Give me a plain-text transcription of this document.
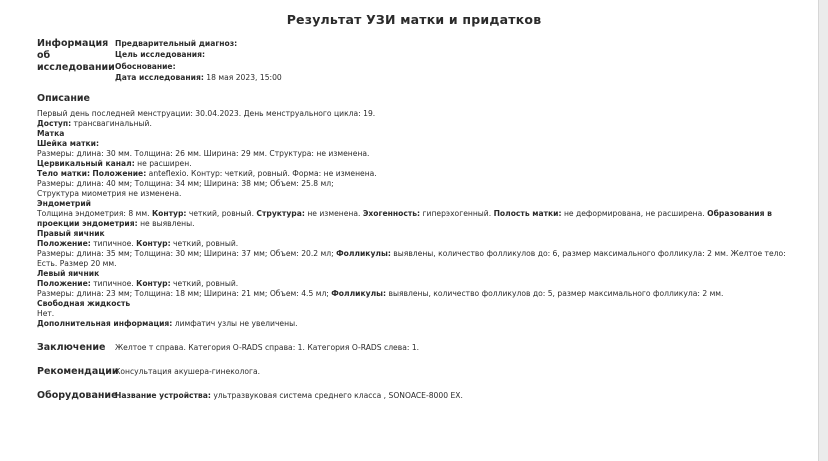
Результат УЗИ матки и придатков
Информация об исследовании
Предварительный диагноз:
Цель исследования:
Обоснование:
Дата исследования: 18 мая 2023, 15:00
Описание
Первый день последней менструации: 30.04.2023. День менструального цикла: 19.
Доступ: трансвагинальный.
Матка
Шейка матки:
Размеры: длина: 30 мм. Толщина: 26 мм. Ширина: 29 мм. Структура: не изменена.
Цервикальный канал: не расширен.
Тело матки: Положение: anteflexio. Контур: четкий, ровный. Форма: не изменена.
Размеры: длина: 40 мм; Толщина: 34 мм; Ширина: 38 мм; Объем: 25.8 мл;
Структура миометрия не изменена.
Эндометрий
Толщина эндометрия: 8 мм. Контур: четкий, ровный. Структура: не изменена. Эхогенность: гиперэхогенный. Полость матки: не деформирована, не расширена. Образования в проекции эндометрия: не выявлены.
Правый яичник
Положение: типичное. Контур: четкий, ровный.
Размеры: длина: 35 мм; Толщина: 30 мм; Ширина: 37 мм; Объем: 20.2 мл; Фолликулы: выявлены, количество фолликулов до: 6, размер максимального фолликула: 2 мм. Желтое тело: Есть. Размер 20 мм.
Левый яичник
Положение: типичное. Контур: четкий, ровный.
Размеры: длина: 23 мм; Толщина: 18 мм; Ширина: 21 мм; Объем: 4.5 мл; Фолликулы: выявлены, количество фолликулов до: 5, размер максимального фолликула: 2 мм.
Свободная жидкость
Нет.
Дополнительная информация: лимфатич узлы не увеличены.
Заключение Желтое т справа. Категория O-RADS справа: 1. Категория O-RADS слева: 1.
Рекомендации
Консультация акушера-гинеколога.
Оборудование
Название устройства: ультразвуковая система среднего класса , SONOACE-8000 EX.
